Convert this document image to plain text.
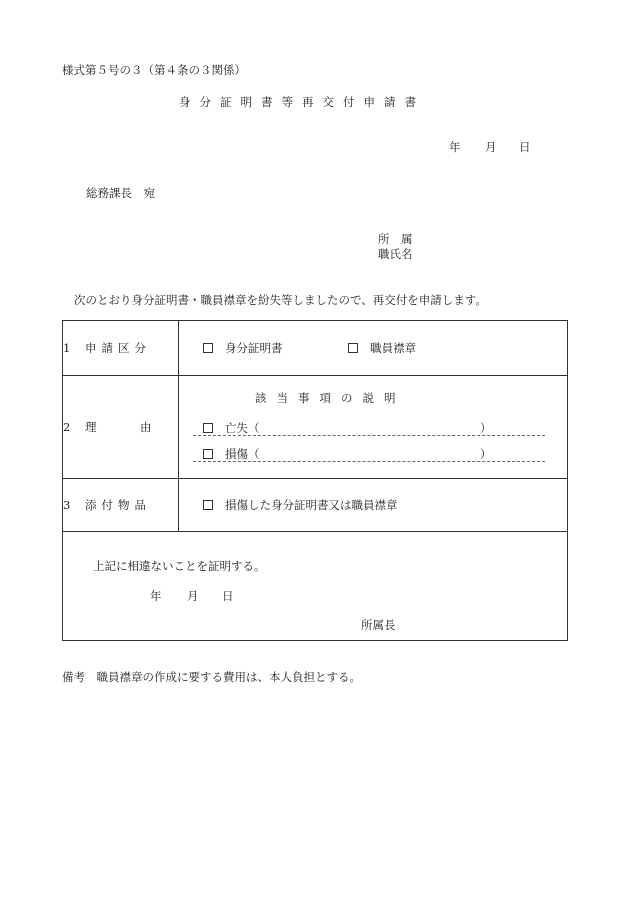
様式第５号の３（第４条の３関係）
身分証明書等再交付申請書
年 月 日
総務課長　宛
所　属
職氏名
次のとおり身分証明書・職員襟章を紛失等しましたので、再交付を申請します。
1 申請区分	身分証明書 職員襟章
2 理　由	該当事項の説明
亡失（ ）
損傷（ ）

3 添付物品	損傷した身分証明書又は職員襟章

上記に相違ないことを証明する。
年 月 日
所属長	
備考　職員襟章の作成に要する費用は、本人負担とする。
